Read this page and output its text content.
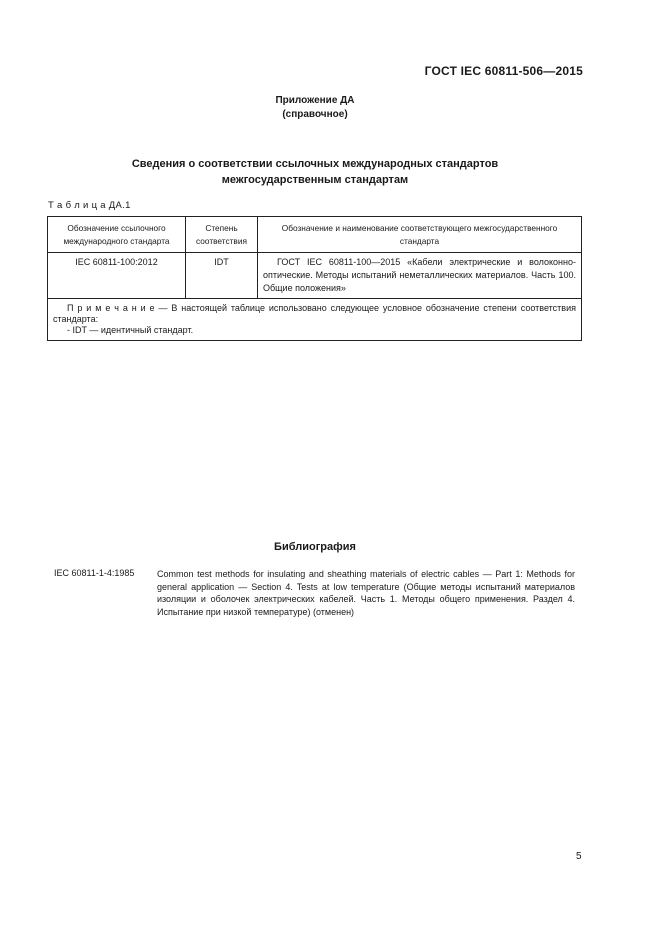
ГОСТ IEC 60811-506—2015
Приложение ДА
(справочное)
Сведения о соответствии ссылочных международных стандартов
межгосударственным стандартам
Т а б л и ц а ДА.1
Обозначение ссылочного международного стандарта	Степень соответствия	Обозначение и наименование соответствующего межгосударственного стандарта
IEC 60811-100:2012	IDT	ГОСТ IEC 60811-100—2015 «Кабели электрические и волоконно-оптические. Методы испытаний неметаллических материалов. Часть 100. Общие положения»

П р и м е ч а н и е — В настоящей таблице использовано следующее условное обозначение степени соответствия стандарта:
- IDT — идентичный стандарт.		
Библиография
IEC 60811-1-4:1985	Common test methods for insulating and sheathing materials of electric cables — Part 1: Methods for general application — Section 4. Tests at low temperature (Общие методы испытаний материалов изоляции и оболочек электрических кабелей. Часть 1. Методы общего применения. Раздел 4. Испытание при низкой температуре) (отменен)
5
